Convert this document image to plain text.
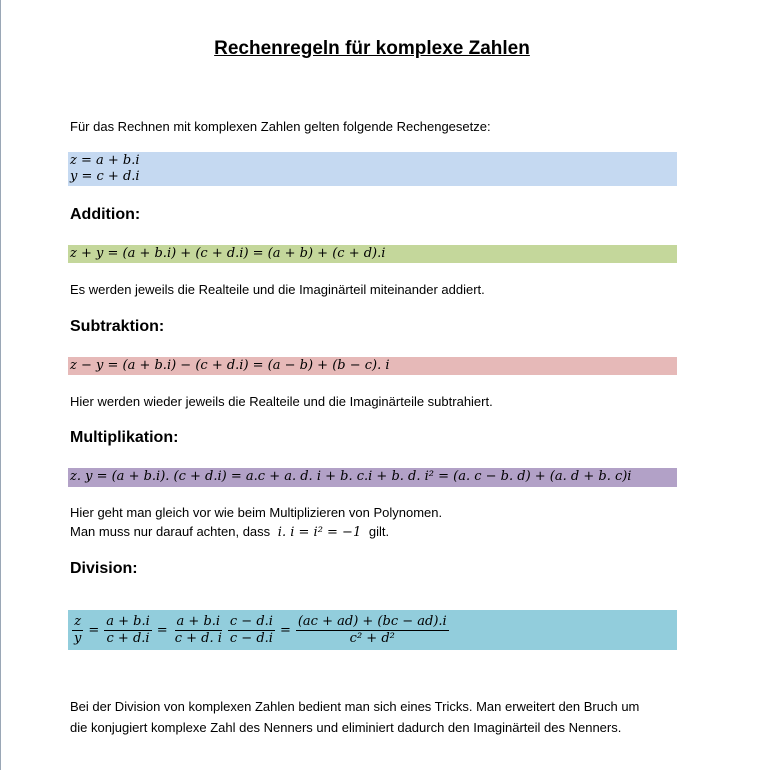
Rechenregeln für komplexe Zahlen
Für das Rechnen mit komplexen Zahlen gelten folgende Rechengesetze:
z = a + b.i
y = c + d.i
Addition:
z + y = (a + b.i) + (c + d.i) = (a + b) + (c + d).i
Es werden jeweils die Realteile und die Imaginärteil miteinander addiert.
Subtraktion:
z − y = (a + b.i) − (c + d.i) = (a − b) + (b − c). i
Hier werden wieder jeweils die Realteile und die Imaginärteile subtrahiert.
Multiplikation:
z. y = (a + b.i). (c + d.i) = a.c + a. d. i + b. c.i + b. d. i² = (a. c − b. d) + (a. d + b. c)i
Hier geht man gleich vor wie beim Multiplizieren von Polynomen.
Man muss nur darauf achten, dass i. i = i² = −1 gilt.
Division:
$\frac{z}{y} = \frac{a + b.i}{c + d.i} = \frac{a + b.i}{c + d. i} \frac{c - d.i}{c - d.i} = \frac{(ac + ad) + (bc - ad).i}{\text{c² + d²}}$
Bei der Division von komplexen Zahlen bedient man sich eines Tricks. Man erweitert den Bruch um
die konjugiert komplexe Zahl des Nenners und eliminiert dadurch den Imaginärteil des Nenners.
